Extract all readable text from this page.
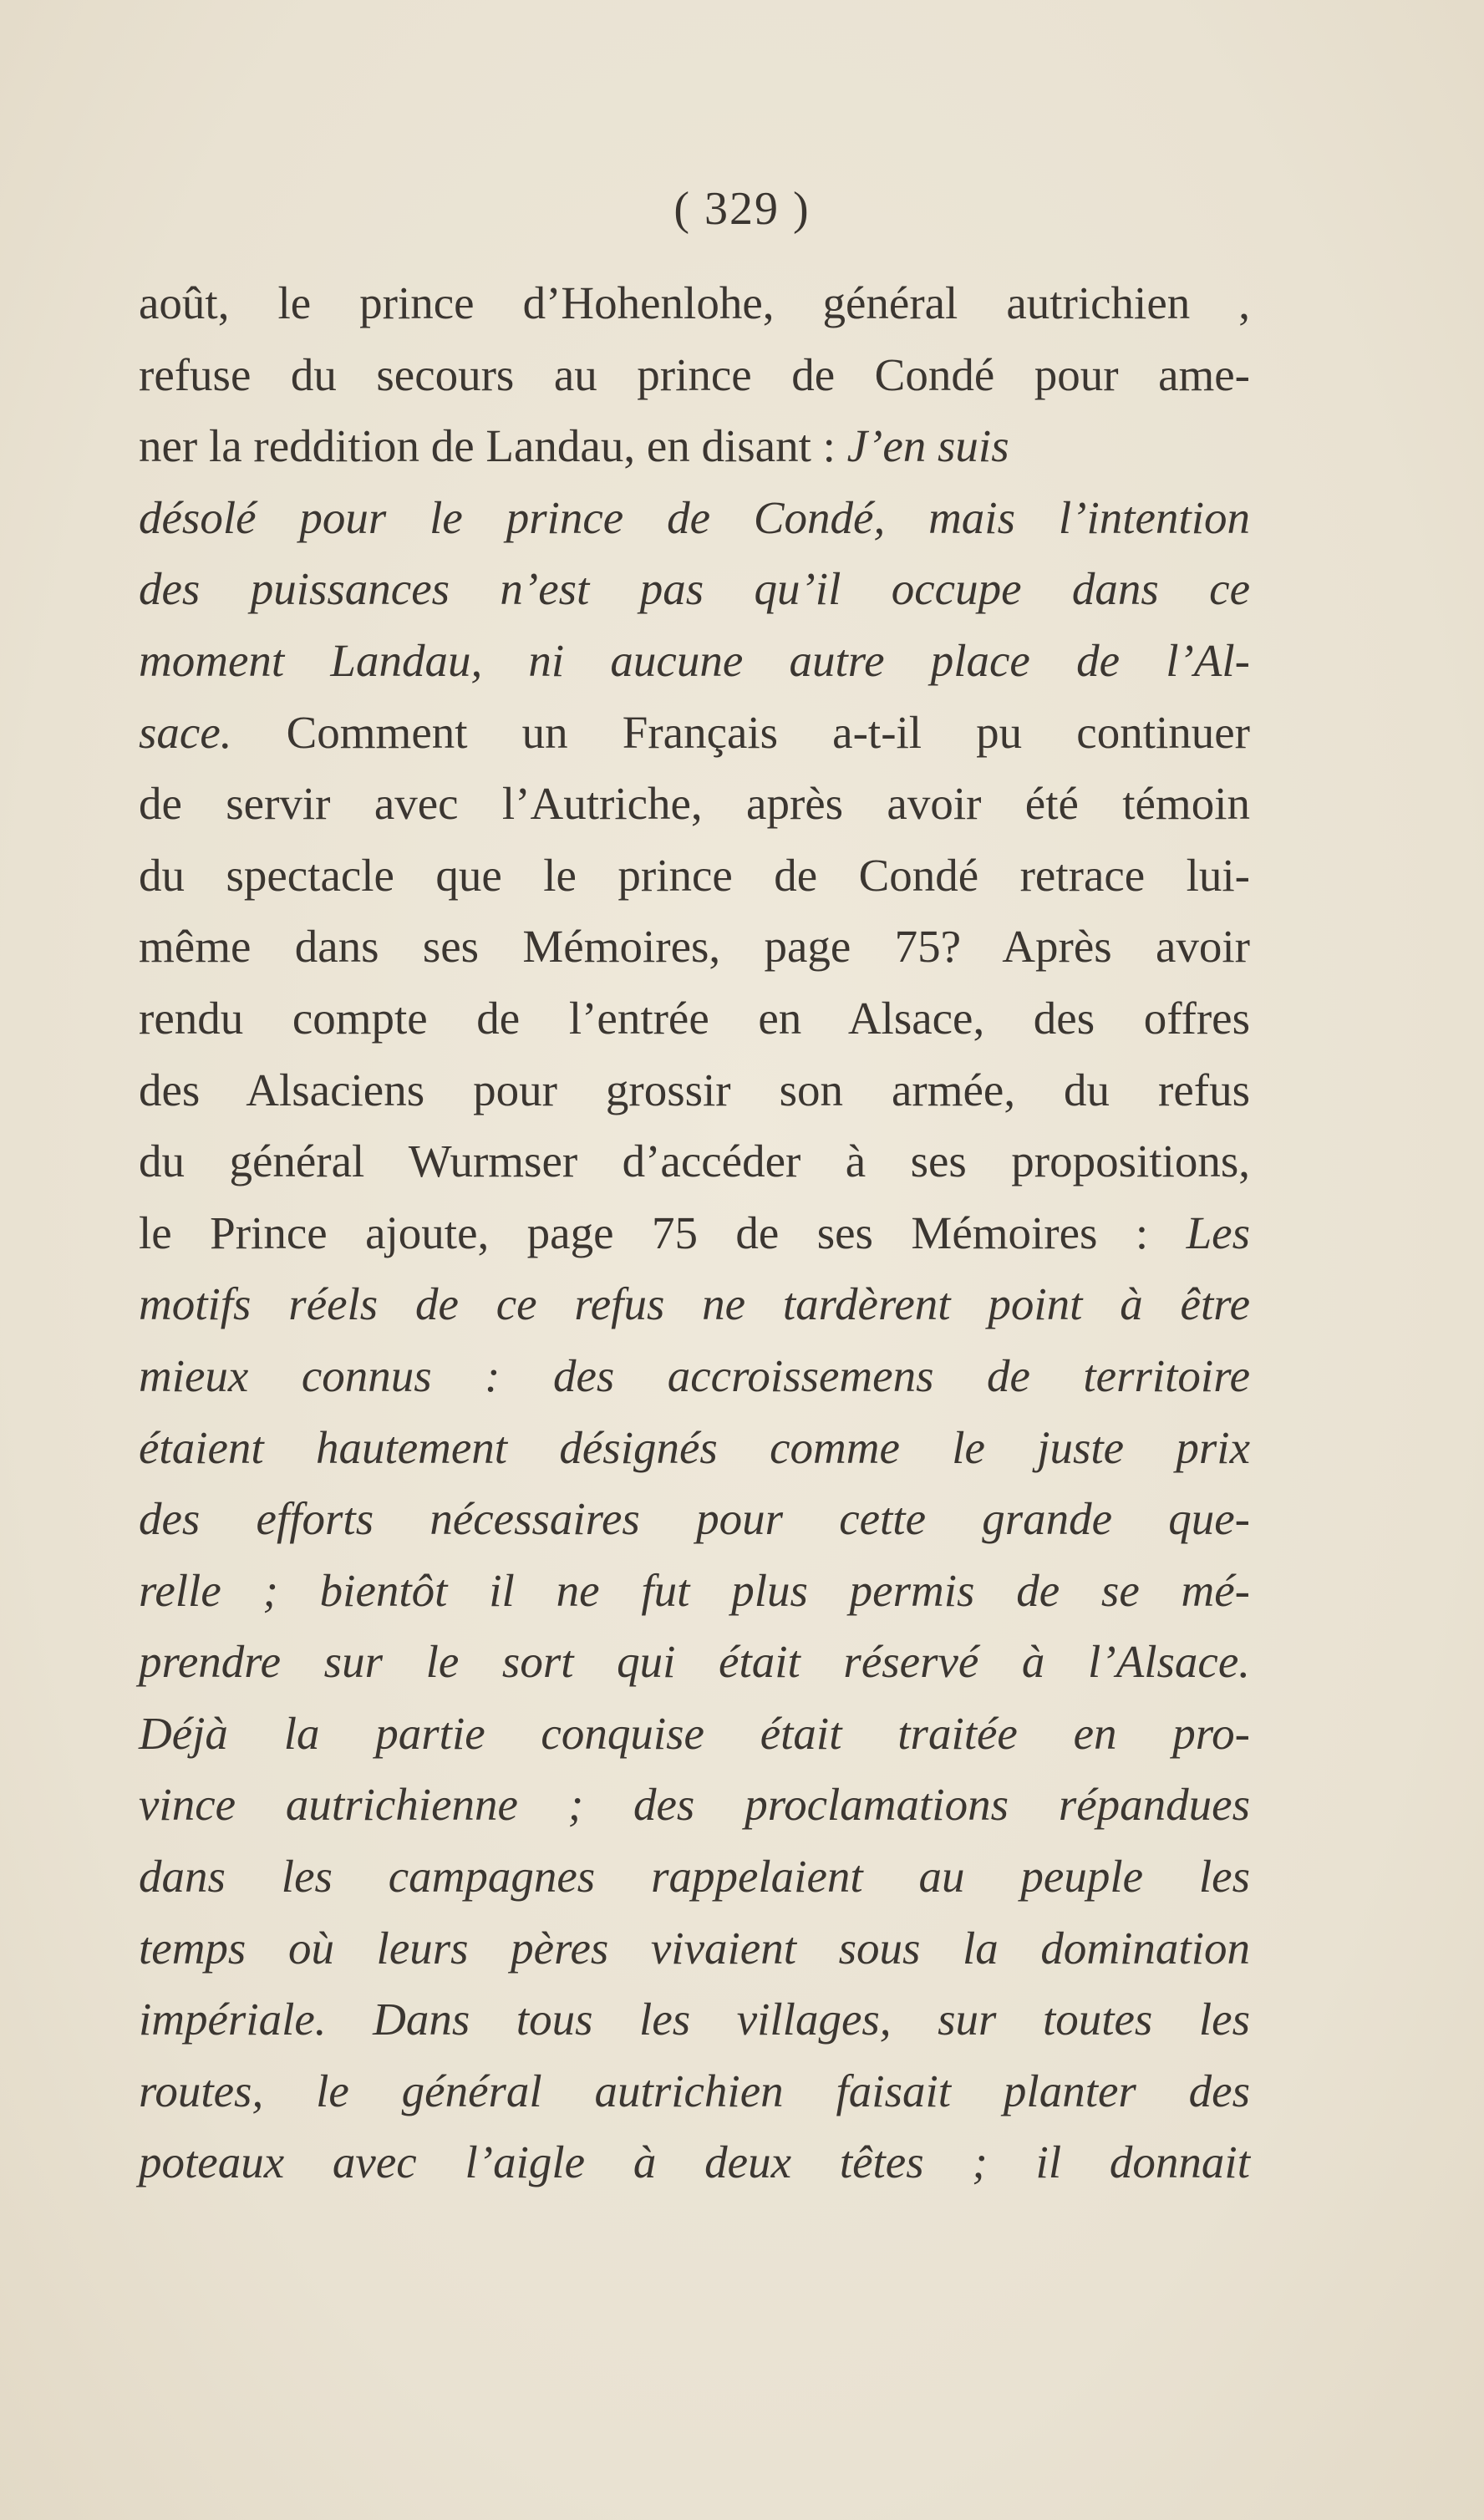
( 329 )
août, le prince d’Hohenlohe, général autrichien ,
refuse du secours au prince de Condé pour ame-
ner la reddition de Landau, en disant : J’en suis
désolé pour le prince de Condé, mais l’intention
des puissances n’est pas qu’il occupe dans ce
moment Landau, ni aucune autre place de l’Al-
sace. Comment un Français a-t-il pu continuer
de servir avec l’Autriche, après avoir été témoin
du spectacle que le prince de Condé retrace lui-
même dans ses Mémoires, page 75? Après avoir
rendu compte de l’entrée en Alsace, des offres
des Alsaciens pour grossir son armée, du refus
du général Wurmser d’accéder à ses propositions,
le Prince ajoute, page 75 de ses Mémoires : Les
motifs réels de ce refus ne tardèrent point à être
mieux connus : des accroissemens de territoire
étaient hautement désignés comme le juste prix
des efforts nécessaires pour cette grande que-
relle ; bientôt il ne fut plus permis de se mé-
prendre sur le sort qui était réservé à l’Alsace.
Déjà la partie conquise était traitée en pro-
vince autrichienne ; des proclamations répandues
dans les campagnes rappelaient au peuple les
temps où leurs pères vivaient sous la domination
impériale. Dans tous les villages, sur toutes les
routes, le général autrichien faisait planter des
poteaux avec l’aigle à deux têtes ; il donnait
